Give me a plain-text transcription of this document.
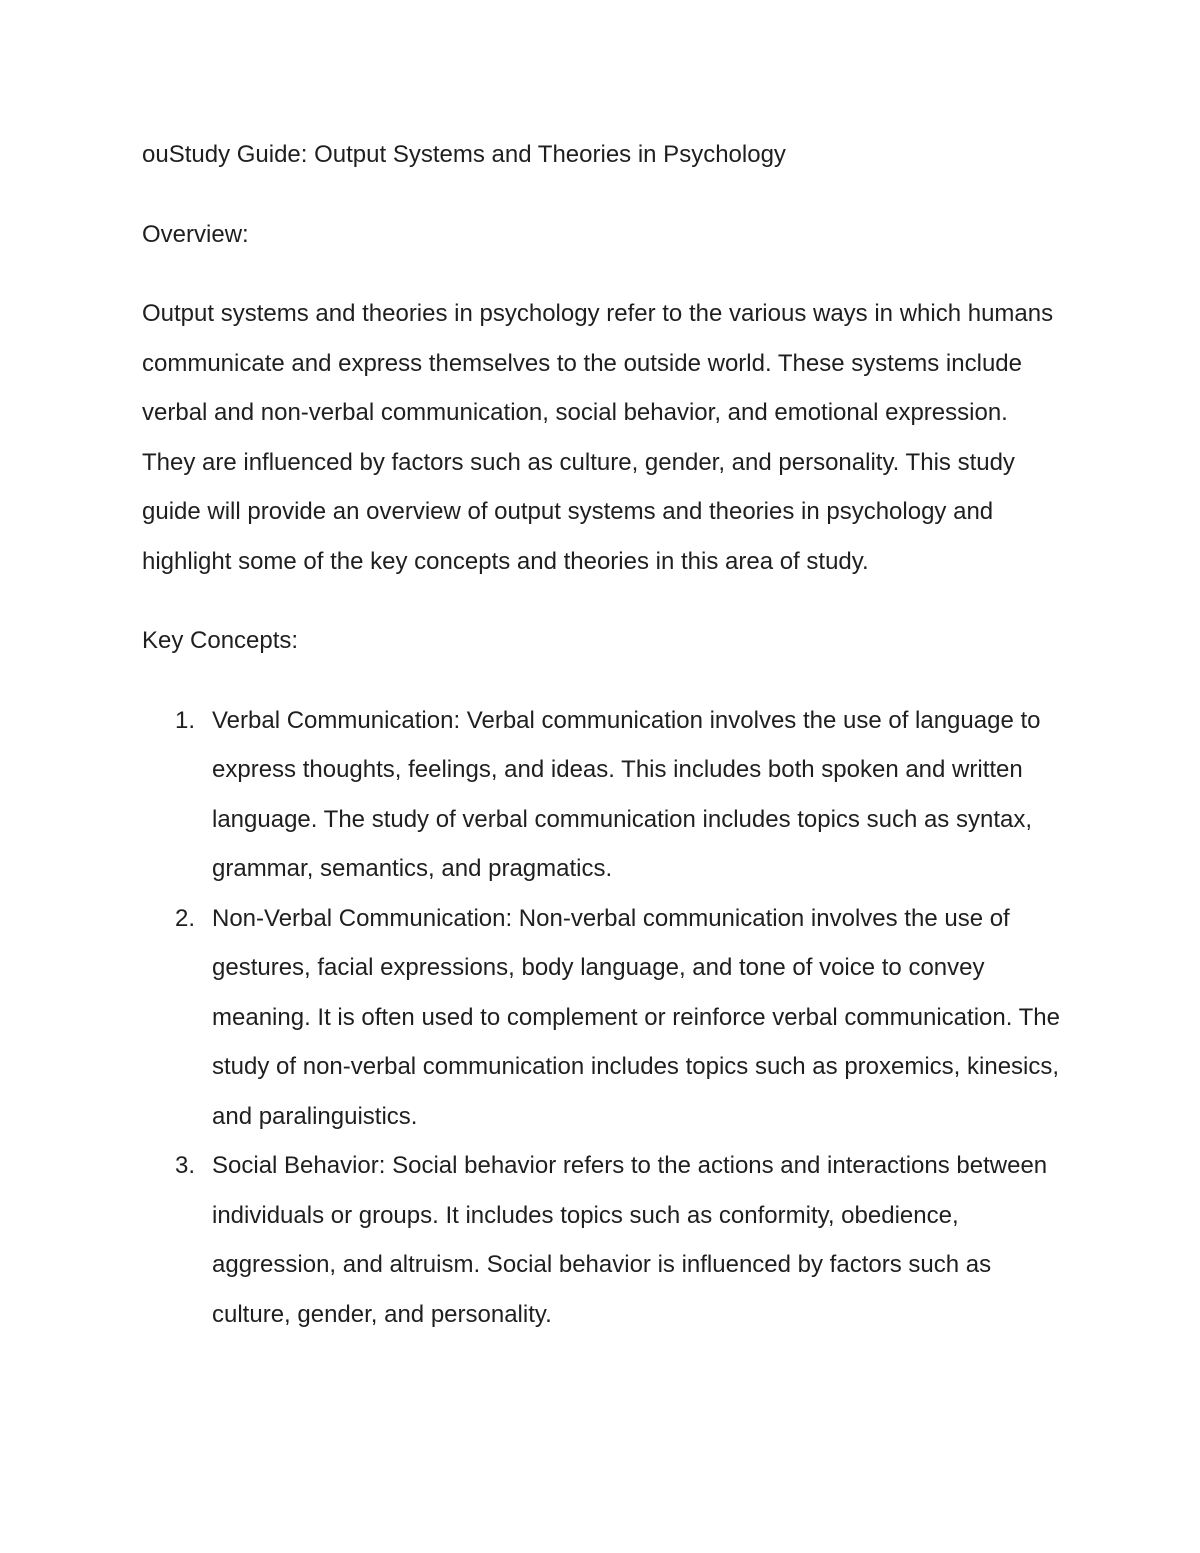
ouStudy Guide: Output Systems and Theories in Psychology
Overview:

Output systems and theories in psychology refer to the various ways in which humans communicate and express themselves to the outside world. These systems include verbal and non-verbal communication, social behavior, and emotional expression. They are influenced by factors such as culture, gender, and personality. This study guide will provide an overview of output systems and theories in psychology and highlight some of the key concepts and theories in this area of study.

Key Concepts:
1. Verbal Communication: Verbal communication involves the use of language to express thoughts, feelings, and ideas. This includes both spoken and written language. The study of verbal communication includes topics such as syntax, grammar, semantics, and pragmatics.
2. Non-Verbal Communication: Non-verbal communication involves the use of gestures, facial expressions, body language, and tone of voice to convey meaning. It is often used to complement or reinforce verbal communication. The study of non-verbal communication includes topics such as proxemics, kinesics, and paralinguistics.
3. Social Behavior: Social behavior refers to the actions and interactions between individuals or groups. It includes topics such as conformity, obedience, aggression, and altruism. Social behavior is influenced by factors such as culture, gender, and personality.
